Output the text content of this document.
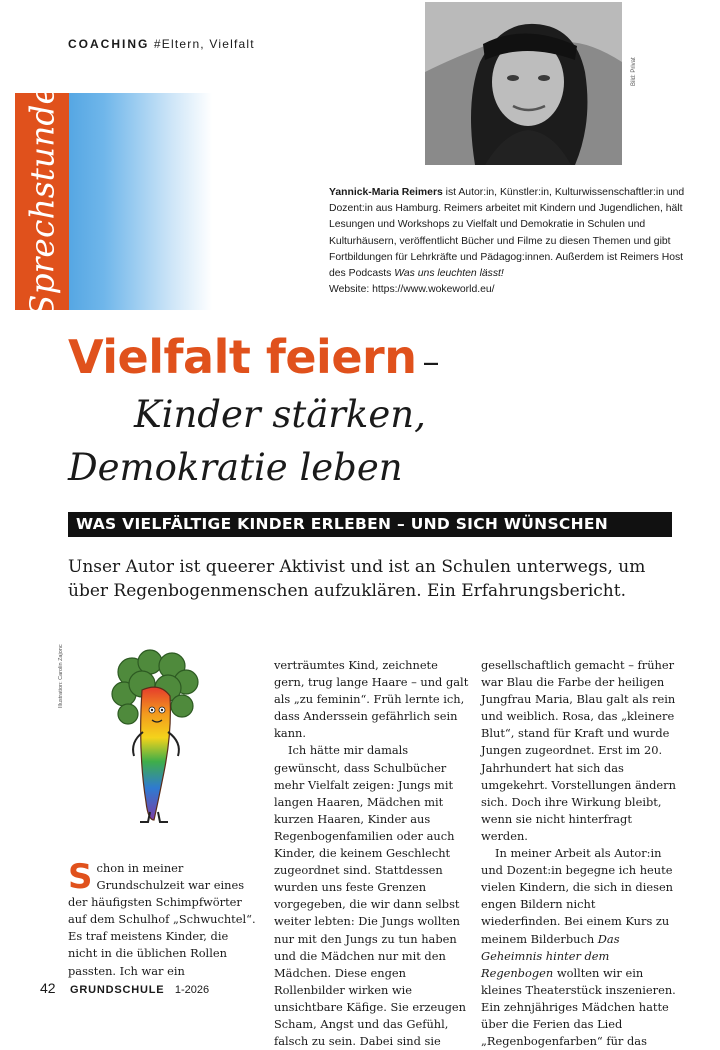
COACHING #Eltern, Vielfalt
Sprechstunde
Bild: Privat
Yannick-Maria Reimers ist Autor:in, Künstler:in, Kulturwissenschaftler:in und Dozent:in aus Hamburg. Reimers arbeitet mit Kindern und Jugendlichen, hält Lesungen und Workshops zu Vielfalt und Demokratie in Schulen und Kulturhäusern, veröffentlicht Bücher und Filme zu diesen Themen und gibt Fortbildungen für Lehrkräfte und Pädagog:innen. Außerdem ist Reimers Host des Podcasts Was uns leuchten lässt!
Website: https://www.wokeworld.eu/
Vielfalt feiern –
Kinder stärken,
Demokratie leben
WAS VIELFÄLTIGE KINDER ERLEBEN – UND SICH WÜNSCHEN
Unser Autor ist queerer Aktivist und ist an Schulen unterwegs, um über Regenbogenmenschen aufzuklären. Ein Erfahrungsbericht.
Illustration: Carolin Zajonc
S chon in meiner Grundschulzeit war eines der häufigsten Schimpfwörter auf dem Schulhof „Schwuchtel“. Es traf meistens Kinder, die nicht in die üblichen Rollen passten. Ich war ein

verträumtes Kind, zeichnete gern, trug lange Haare – und galt als „zu feminin“. Früh lernte ich, dass Anderssein gefährlich sein kann.

Ich hätte mir damals gewünscht, dass Schulbücher mehr Vielfalt zeigen: Jungs mit langen Haaren, Mädchen mit kurzen Haaren, Kinder aus Regenbogenfamilien oder auch Kinder, die keinem Geschlecht zugeordnet sind. Stattdessen wurden uns feste Grenzen vorgegeben, die wir dann selbst weiter lebten: Die Jungs wollten nur mit den Jungs zu tun haben und die Mädchen nur mit den Mädchen. Diese engen Rollenbilder wirken wie unsichtbare Käfige. Sie erzeugen Scham, Angst und das Gefühl, falsch zu sein. Dabei sind sie

gesellschaftlich gemacht – früher war Blau die Farbe der heiligen Jungfrau Maria, Blau galt als rein und weiblich. Rosa, das „kleinere Blut“, stand für Kraft und wurde Jungen zugeordnet. Erst im 20. Jahrhundert hat sich das umgekehrt. Vorstellungen ändern sich. Doch ihre Wirkung bleibt, wenn sie nicht hinterfragt werden.

In meiner Arbeit als Autor:in und Dozent:in begegne ich heute vielen Kindern, die sich in diesen engen Bildern nicht wiederfinden. Bei einem Kurs zu meinem Bilderbuch Das Geheimnis hinter dem Regenbogen wollten wir ein kleines Theaterstück inszenieren. Ein zehnjähriges Mädchen hatte über die Ferien das Lied „Regenbogenfarben“ für das

42 GRUNDSCHULE 1-2026
